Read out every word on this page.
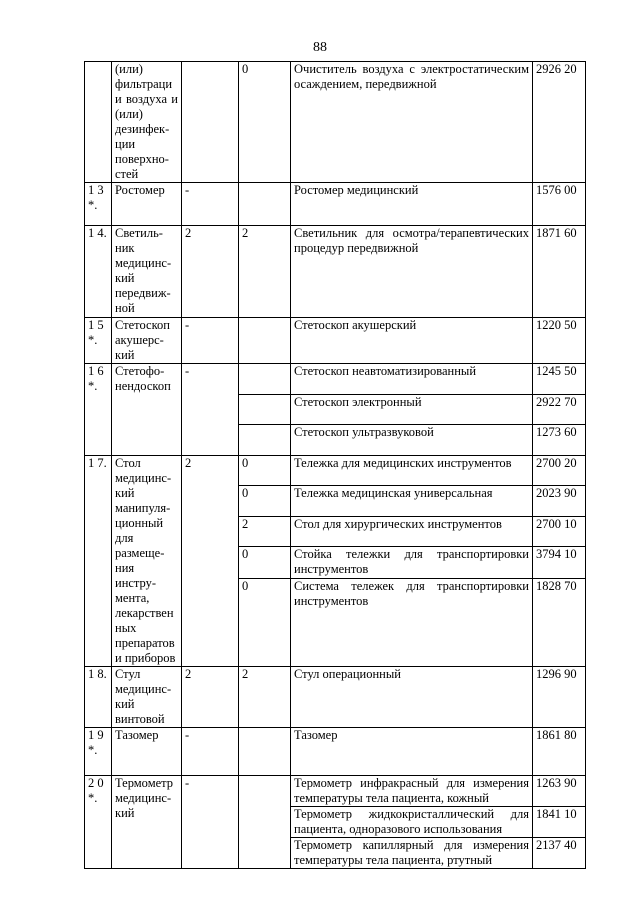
88
	(или) фильтраци и воздуха и (или) дезинфек-ции поверхно-стей		0	Очиститель воздуха с электростатическим осаждением, передвижной	2926 20
1 3 *.	Ростомер	-		Ростомер медицинский	1576 00
1 4.	Светиль-ник медицинс-кий передвиж-ной	2	2	Светильник для осмотра/терапевтических процедур передвижной	1871 60
1 5 *.	Стетоскоп акушерс-кий	-		Стетоскоп акушерский	1220 50
1 6 *.	Стетофо-нендоскоп	-		Стетоскоп неавтоматизированный	1245 50
				Стетоскоп электронный	2922 70
				Стетоскоп ультразвуковой	1273 60
1 7.	Стол медицинс-кий манипуля-ционный для размеще-ния инстру-мента, лекарствен ных препаратов и приборов	2	0	Тележка для медицинских инструментов	2700 20
			0	Тележка медицинская универсальная	2023 90
			2	Стол для хирургических инструментов	2700 10
			0	Стойка тележки для транспортировки инструментов	3794 10
			0	Система тележек для транспортировки инструментов	1828 70
1 8.	Стул медицинс-кий винтовой	2	2	Стул операционный	1296 90
1 9 *.	Тазомер	-		Тазомер	1861 80
2 0 *.	Термометр медицинс-кий	-		Термометр инфракрасный для измерения температуры тела пациента, кожный	1263 90
				Термометр жидкокристаллический для пациента, одноразового использования	1841 10
				Термометр капиллярный для измерения температуры тела пациента, ртутный	2137 40
